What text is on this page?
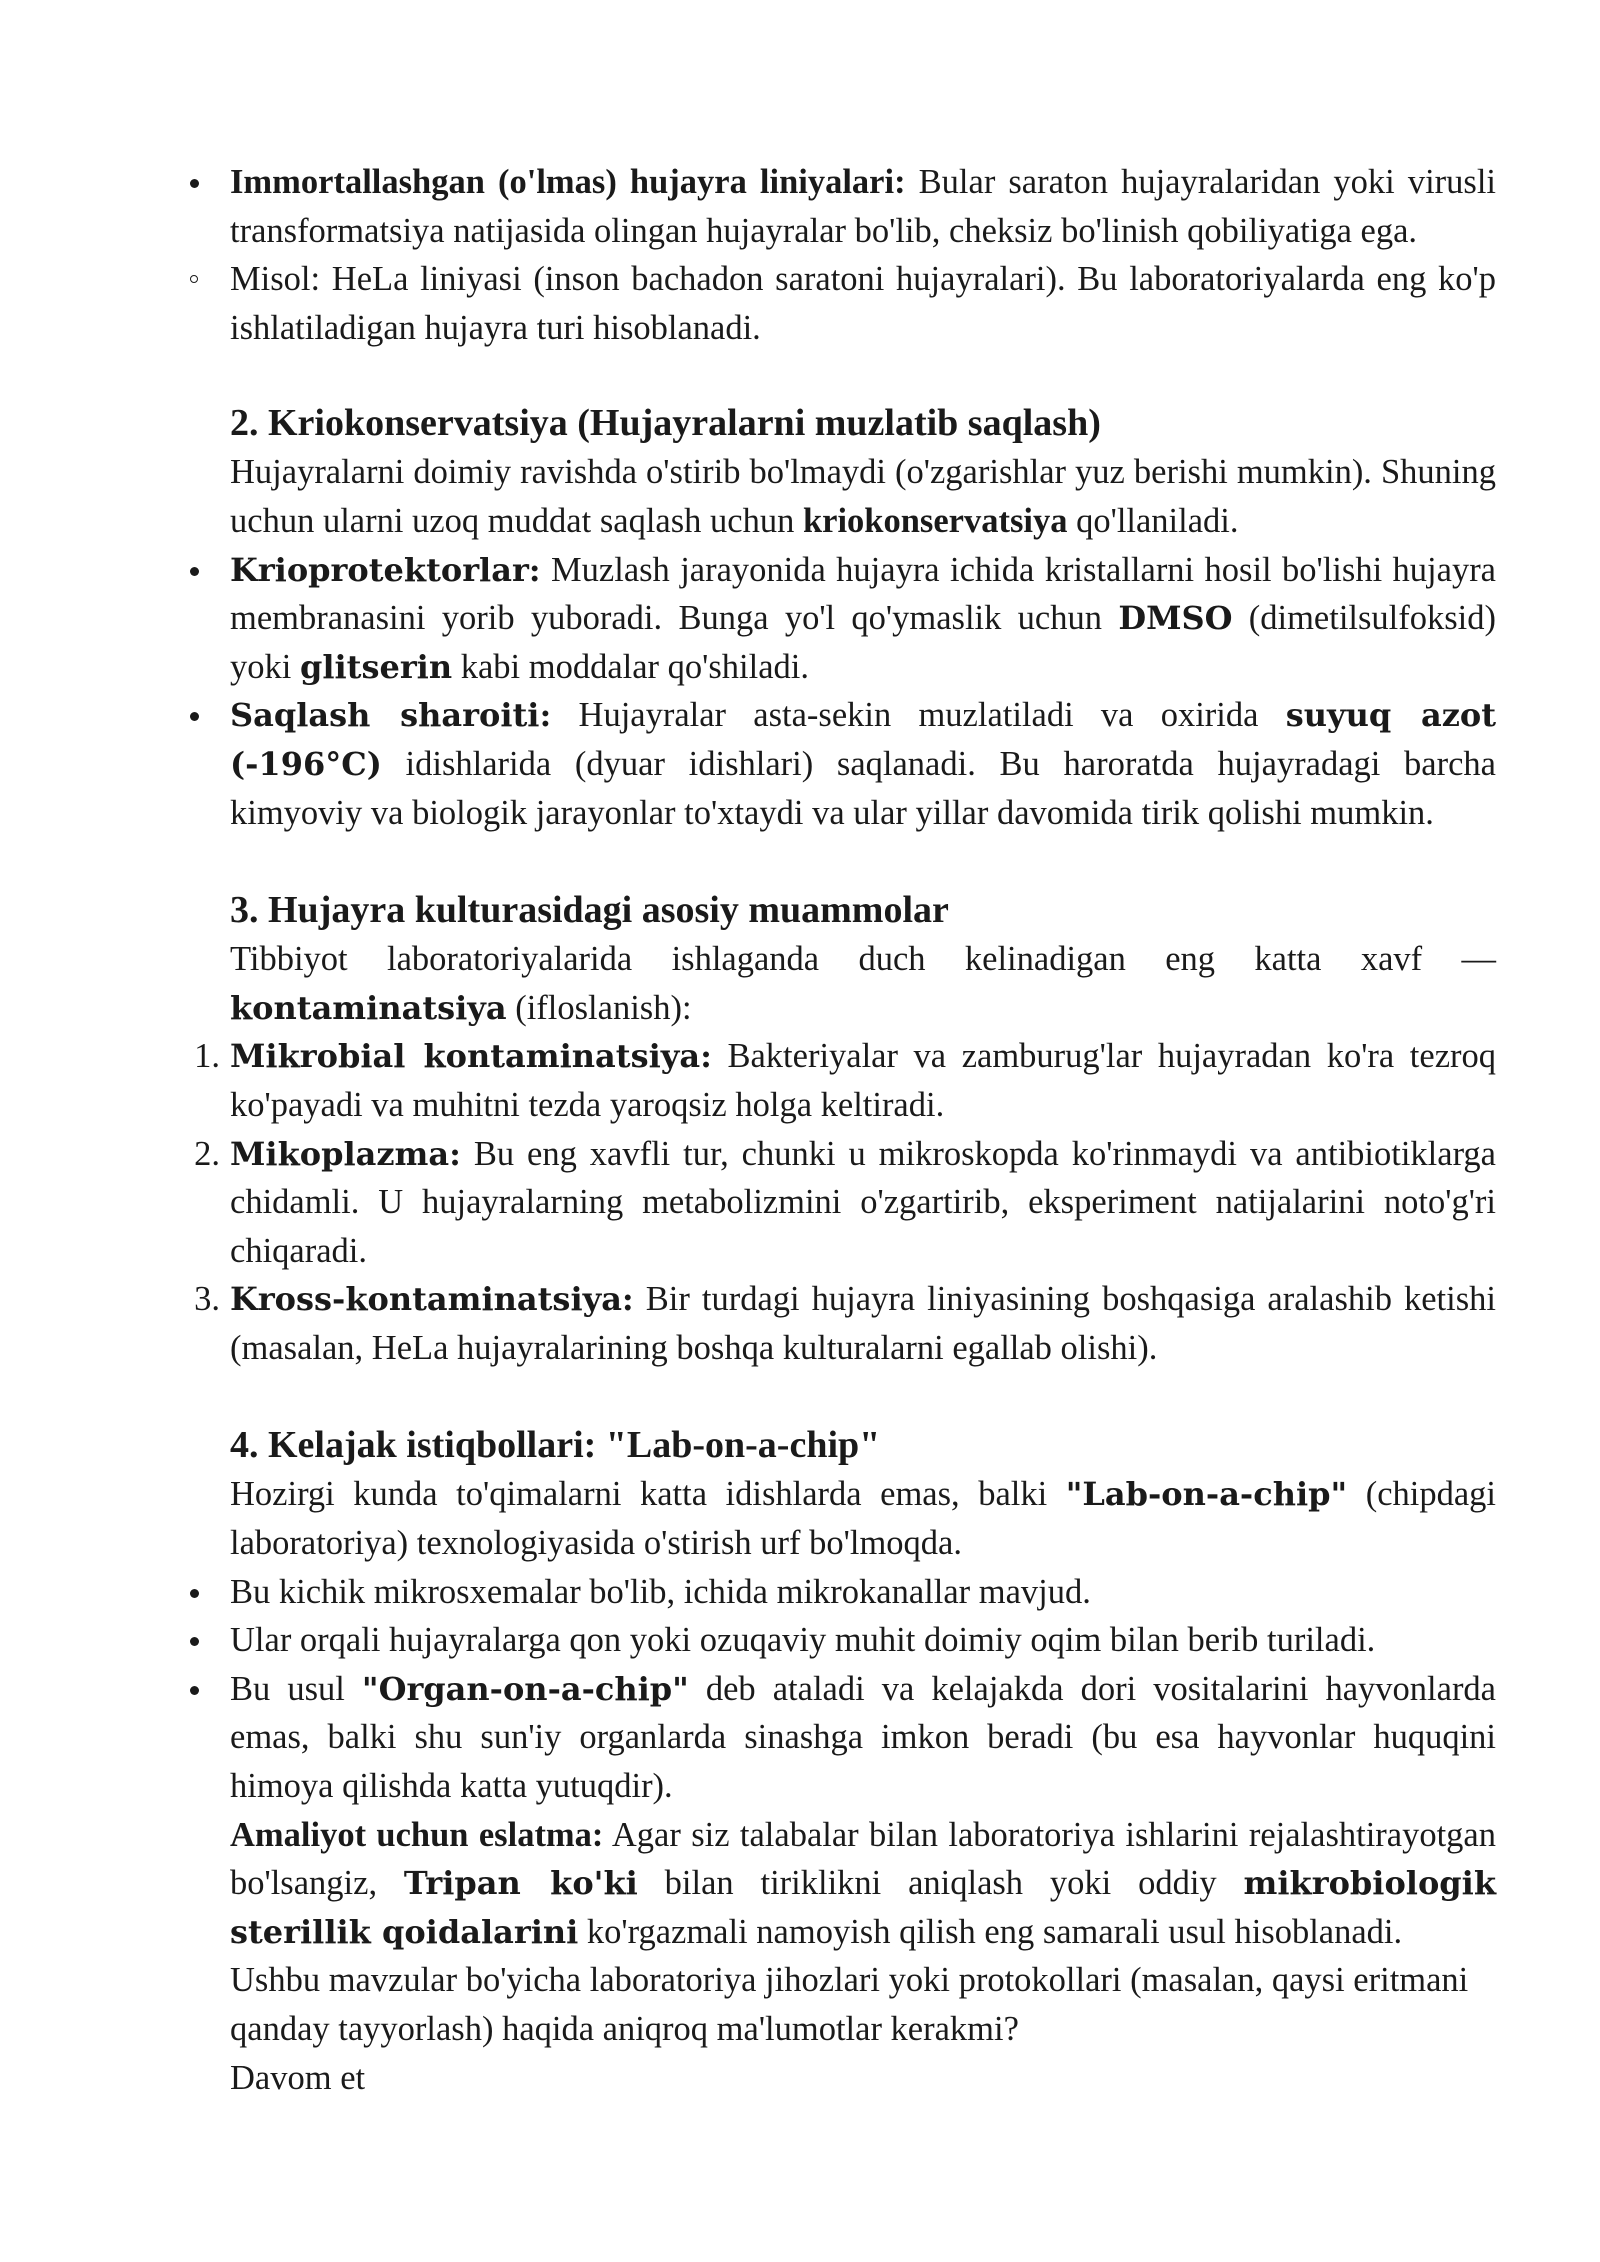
Immortallashgan (o'lmas) hujayra liniyalari: Bular saraton hujayralaridan yoki virusli transformatsiya natijasida olingan hujayralar bo'lib, cheksiz bo'linish qobiliyatiga ega.

Misol: HeLa liniyasi (inson bachadon saratoni hujayralari). Bu laboratoriyalarda eng ko'p ishlatiladigan hujayra turi hisoblanadi.

2. Kriokonservatsiya (Hujayralarni muzlatib saqlash)

Hujayralarni doimiy ravishda o'stirib bo'lmaydi (o'zgarishlar yuz berishi mumkin). Shuning uchun ularni uzoq muddat saqlash uchun kriokonservatsiya qo'llaniladi.

Krioprotektorlar: Muzlash jarayonida hujayra ichida kristallarni hosil bo'lishi hujayra membranasini yorib yuboradi. Bunga yo'l qo'ymaslik uchun DMSO (dimetilsulfoksid) yoki glitserin kabi moddalar qo'shiladi.

Saqlash sharoiti: Hujayralar asta-sekin muzlatiladi va oxirida suyuq azot (-196°C) idishlarida (dyuar idishlari) saqlanadi. Bu haroratda hujayradagi barcha kimyoviy va biologik jarayonlar to'xtaydi va ular yillar davomida tirik qolishi mumkin.

3. Hujayra kulturasidagi asosiy muammolar

Tibbiyot laboratoriyalarida ishlaganda duch kelinadigan eng katta xavf — kontaminatsiya (ifloslanish):

1. Mikrobial kontaminatsiya: Bakteriyalar va zamburug'lar hujayradan ko'ra tezroq ko'payadi va muhitni tezda yaroqsiz holga keltiradi.

2. Mikoplazma: Bu eng xavfli tur, chunki u mikroskopda ko'rinmaydi va antibiotiklarga chidamli. U hujayralarning metabolizmini o'zgartirib, eksperiment natijalarini noto'g'ri chiqaradi.

3. Kross-kontaminatsiya: Bir turdagi hujayra liniyasining boshqasiga aralashib ketishi (masalan, HeLa hujayralarining boshqa kulturalarni egallab olishi).

4. Kelajak istiqbollari: "Lab-on-a-chip"

Hozirgi kunda to'qimalarni katta idishlarda emas, balki "Lab-on-a-chip" (chipdagi laboratoriya) texnologiyasida o'stirish urf bo'lmoqda.

Bu kichik mikrosxemalar bo'lib, ichida mikrokanallar mavjud.

Ular orqali hujayralarga qon yoki ozuqaviy muhit doimiy oqim bilan berib turiladi.

Bu usul "Organ-on-a-chip" deb ataladi va kelajakda dori vositalarini hayvonlarda emas, balki shu sun'iy organlarda sinashga imkon beradi (bu esa hayvonlar huquqini himoya qilishda katta yutuqdir).

Amaliyot uchun eslatma: Agar siz talabalar bilan laboratoriya ishlarini rejalashtirayotgan bo'lsangiz, Tripan ko'ki bilan tiriklikni aniqlash yoki oddiy mikrobiologik sterillik qoidalarini ko'rgazmali namoyish qilish eng samarali usul hisoblanadi.

Ushbu mavzular bo'yicha laboratoriya jihozlari yoki protokollari (masalan, qaysi eritmani qanday tayyorlash) haqida aniqroq ma'lumotlar kerakmi?

Davom et
